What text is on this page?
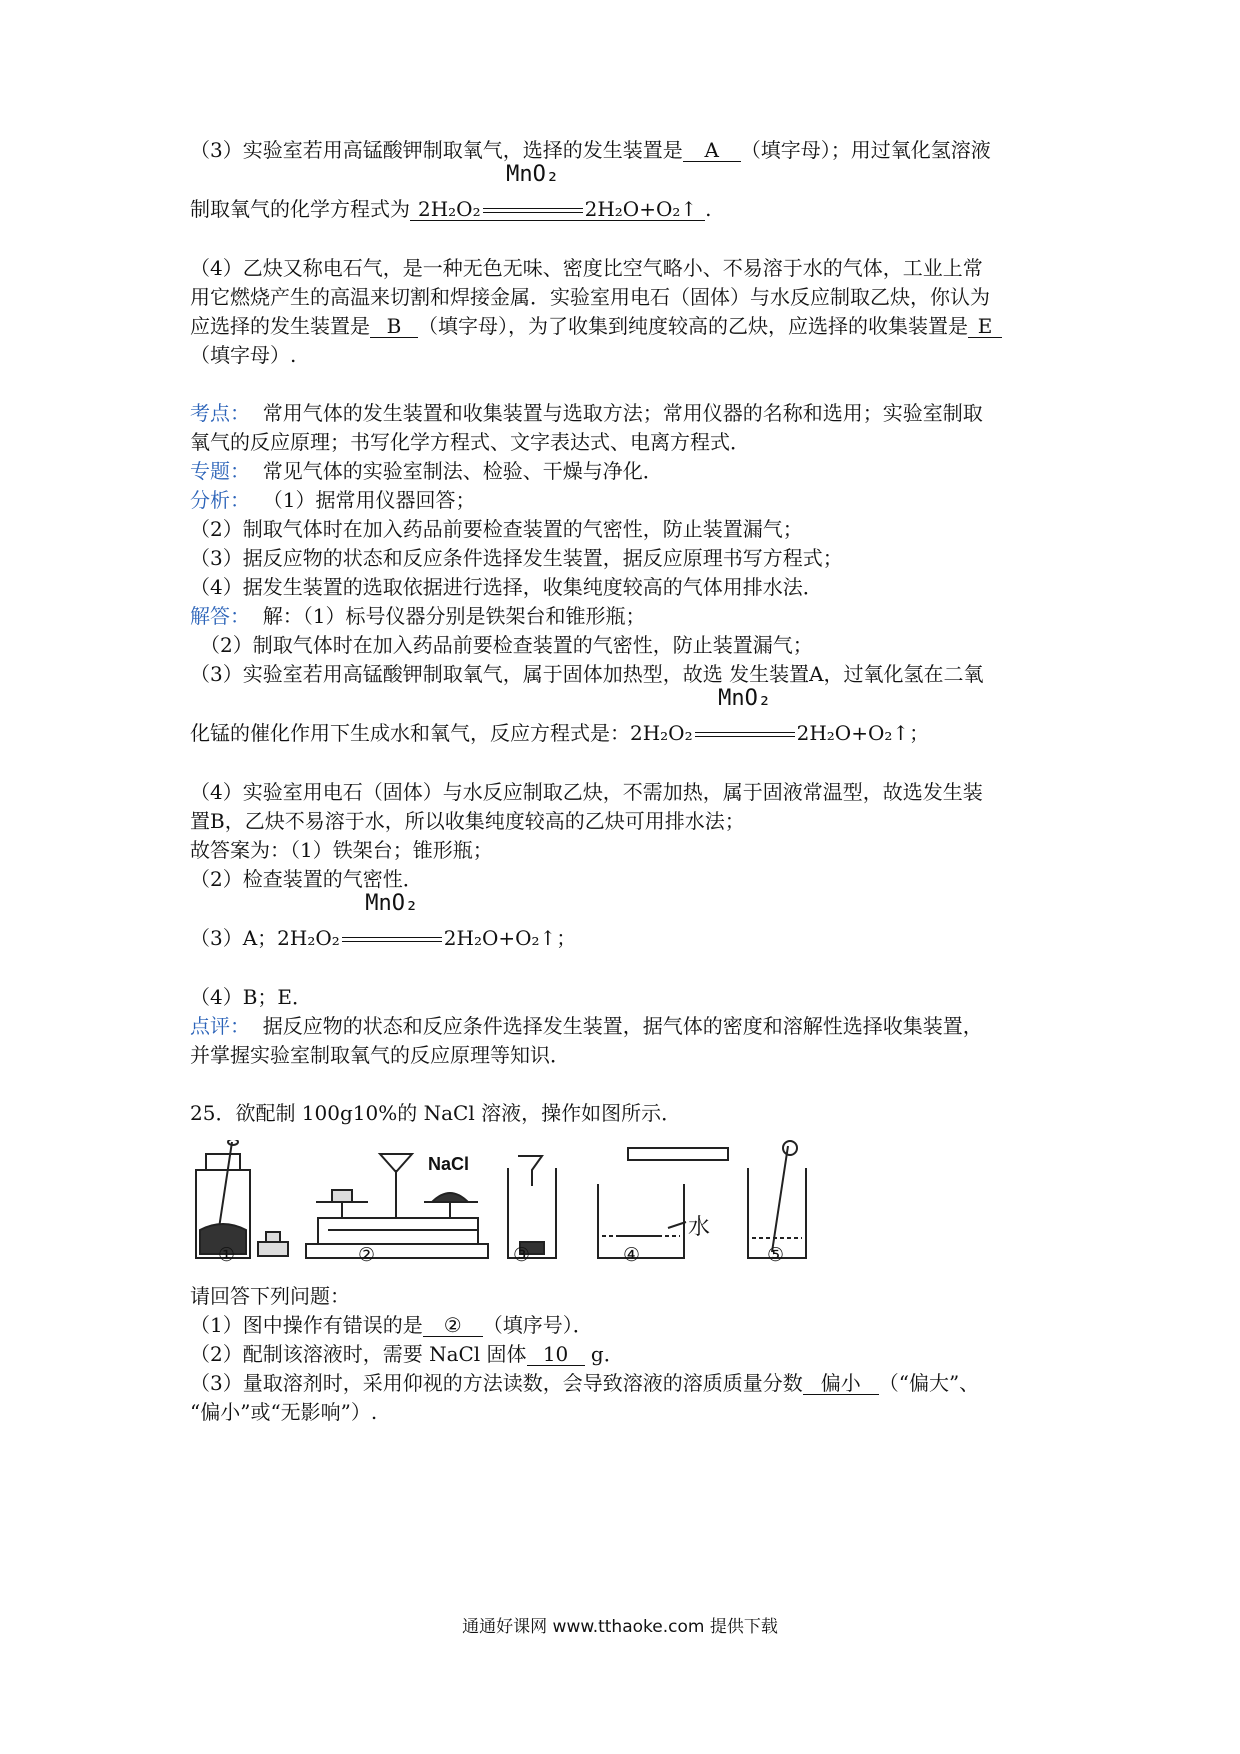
（3）实验室若用高锰酸钾制取氧气，选择的发生装置是 A （填字母）；用过氧化氢溶液
制取氧气的化学方程式为 2H₂O₂
MnO₂
2H₂O+O₂↑ .
（4）乙炔又称电石气，是一种无色无味、密度比空气略小、不易溶于水的气体，工业上常
用它燃烧产生的高温来切割和焊接金属．实验室用电石（固体）与水反应制取乙炔，你认为
应选择的发生装置是 B （填字母），为了收集到纯度较高的乙炔，应选择的收集装置是 E
（填字母）.
考点： 常用气体的发生装置和收集装置与选取方法；常用仪器的名称和选用；实验室制取
氧气的反应原理；书写化学方程式、文字表达式、电离方程式．
专题： 常见气体的实验室制法、检验、干燥与净化．
分析： （1）据常用仪器回答；
（2）制取气体时在加入药品前要检查装置的气密性，防止装置漏气；
（3）据反应物的状态和反应条件选择发生装置，据反应原理书写方程式；
（4）据发生装置的选取依据进行选择，收集纯度较高的气体用排水法．
解答： 解：（1）标号仪器分别是铁架台和锥形瓶；
（2）制取气体时在加入药品前要检查装置的气密性，防止装置漏气；
（3）实验室若用高锰酸钾制取氧气，属于固体加热型，故选 发生装置A，过氧化氢在二氧
化锰的催化作用下生成水和氧气，反应方程式是：2H₂O₂
MnO₂
2H₂O+O₂↑；
（4）实验室用电石（固体）与水反应制取乙炔，不需加热，属于固液常温型，故选发生装
置B，乙炔不易溶于水，所以收集纯度较高的乙炔可用排水法；
故答案为：（1）铁架台；锥形瓶；
（2）检查装置的气密性．
（3）A；2H₂O₂
MnO₂
2H₂O+O₂↑；
（4）B；E．
点评： 据反应物的状态和反应条件选择发生装置，据气体的密度和溶解性选择收集装置，
并掌握实验室制取氧气的反应原理等知识．
25．欲配制 100g10%的 NaCl 溶液，操作如图所示．
NaCl
水
①	②	③	④	⑤
请回答下列问题：
（1）图中操作有错误的是 ② （填序号）．
（2）配制该溶液时，需要 NaCl 固体 10 g．
（3）量取溶剂时，采用仰视的方法读数，会导致溶液的溶质质量分数 偏小 （“偏大”、
“偏小”或“无影响”）.
通通好课网 www.tthaoke.com 提供下载
